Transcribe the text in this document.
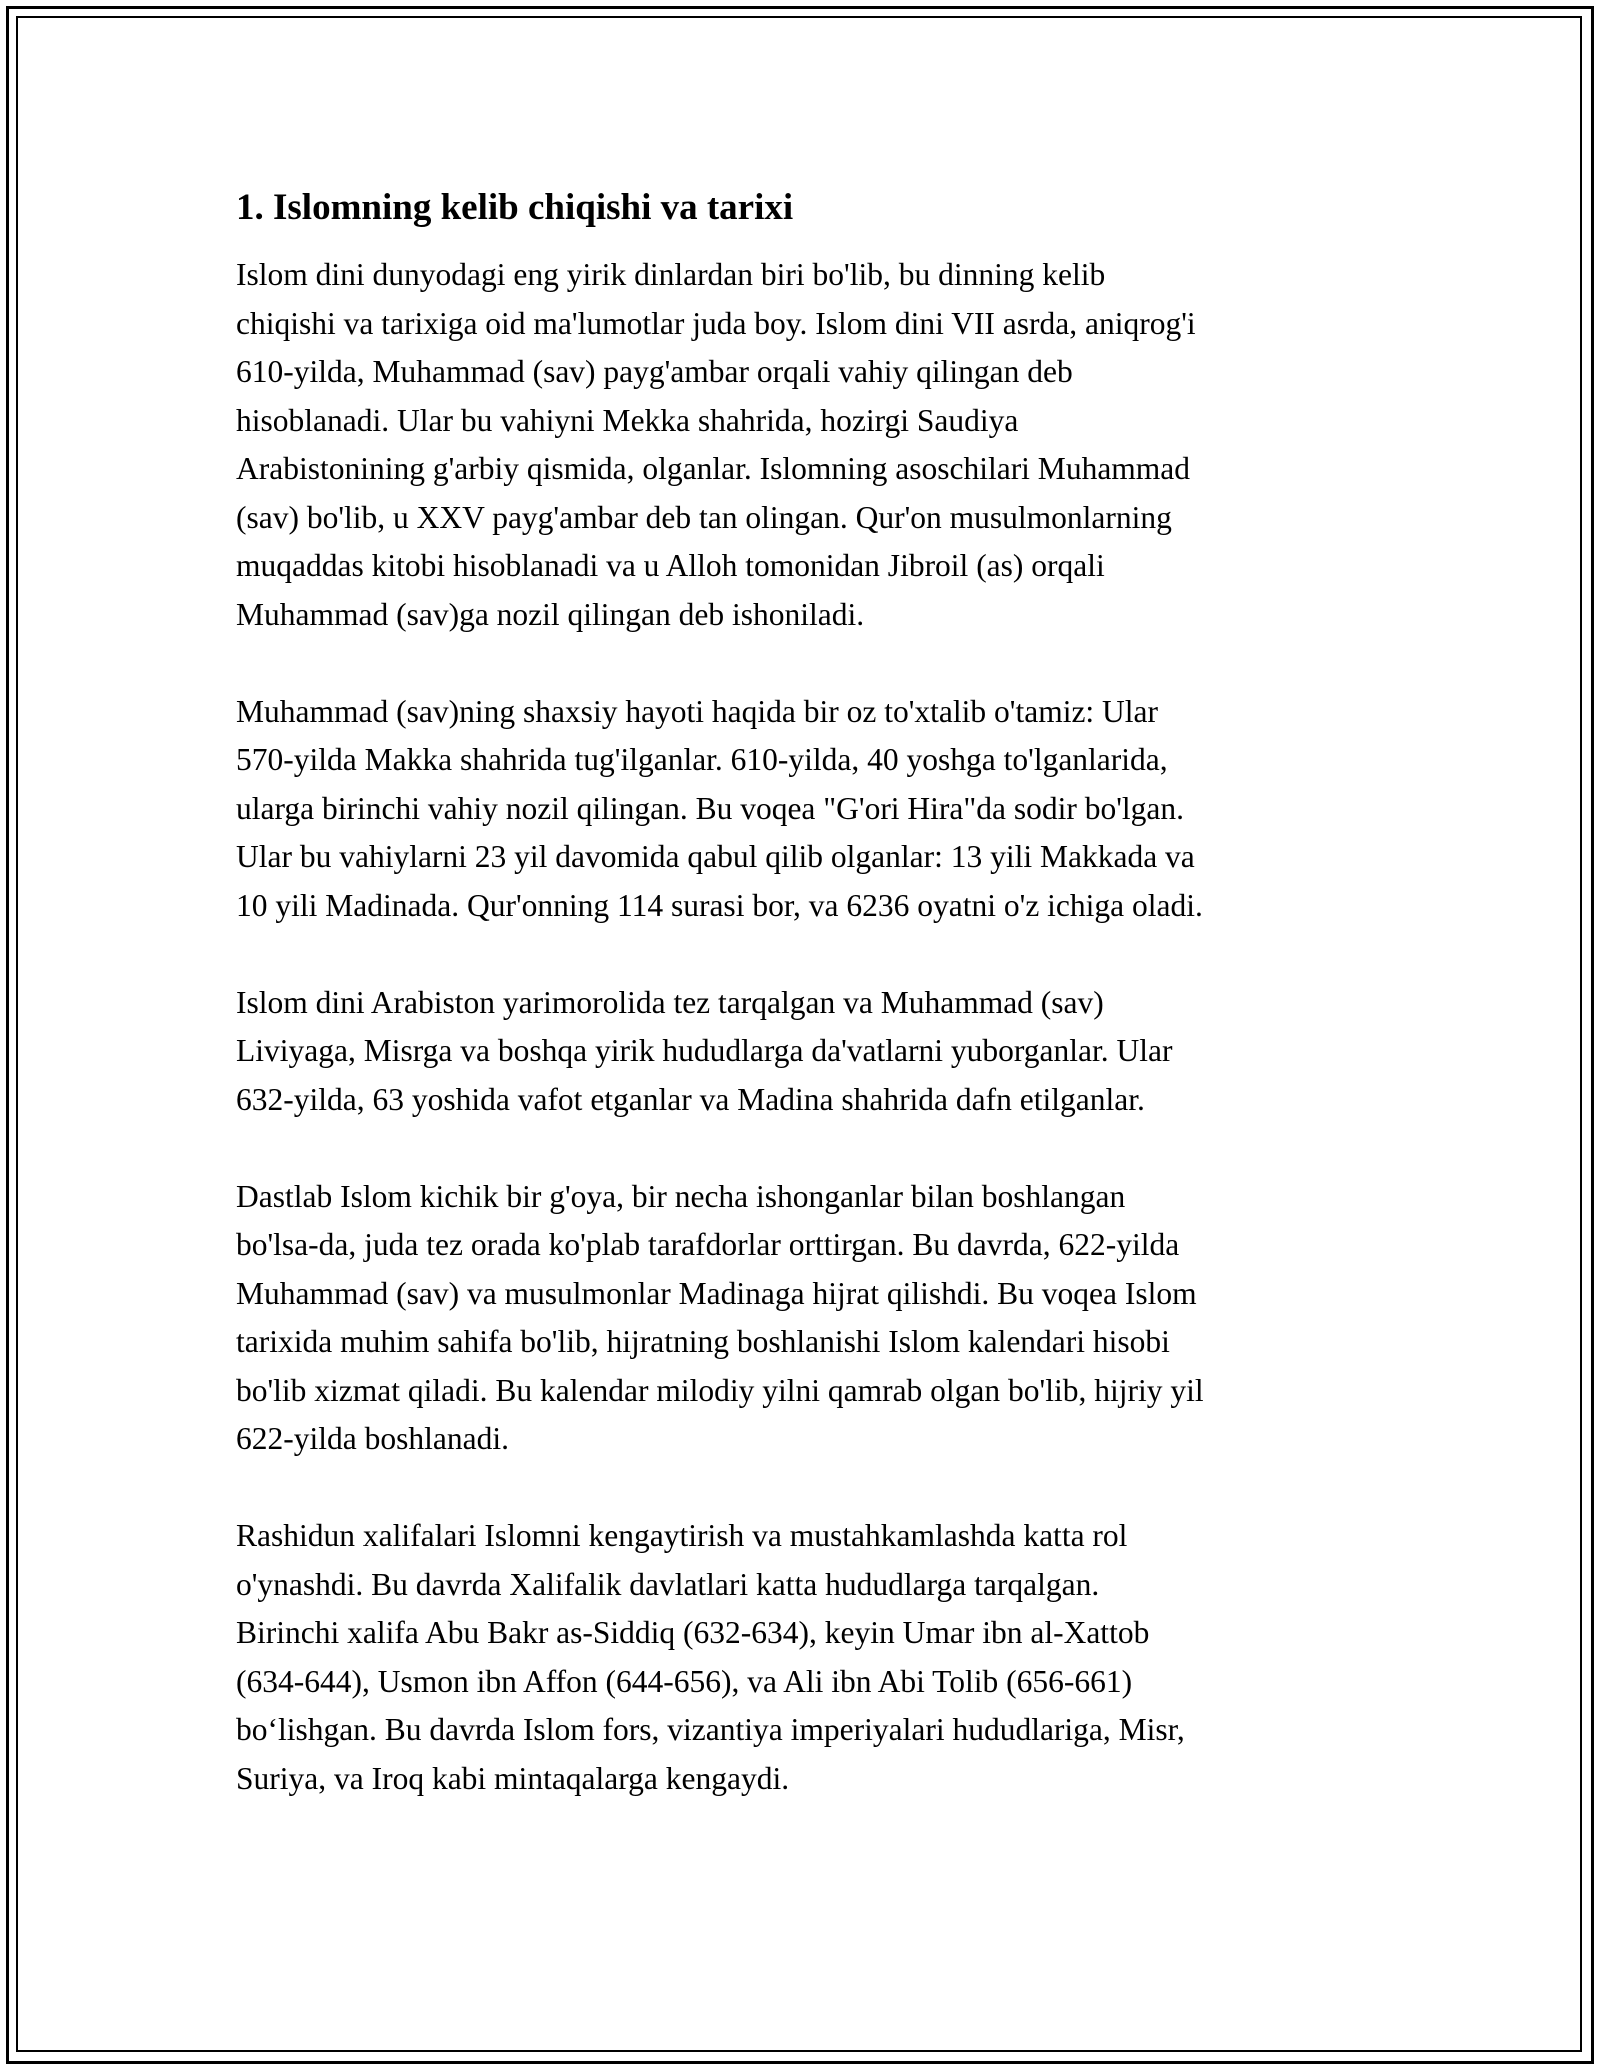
1. Islomning kelib chiqishi va tarixi

Islom dini dunyodagi eng yirik dinlardan biri bo'lib, bu dinning kelib
chiqishi va tarixiga oid ma'lumotlar juda boy. Islom dini VII asrda, aniqrog'i
610-yilda, Muhammad (sav) payg'ambar orqali vahiy qilingan deb
hisoblanadi. Ular bu vahiyni Mekka shahrida, hozirgi Saudiya
Arabistonining g'arbiy qismida, olganlar. Islomning asoschilari Muhammad
(sav) bo'lib, u XXV payg'ambar deb tan olingan. Qur'on musulmonlarning
muqaddas kitobi hisoblanadi va u Alloh tomonidan Jibroil (as) orqali
Muhammad (sav)ga nozil qilingan deb ishoniladi.

Muhammad (sav)ning shaxsiy hayoti haqida bir oz to'xtalib o'tamiz: Ular
570-yilda Makka shahrida tug'ilganlar. 610-yilda, 40 yoshga to'lganlarida,
ularga birinchi vahiy nozil qilingan. Bu voqea "G'ori Hira"da sodir bo'lgan.
Ular bu vahiylarni 23 yil davomida qabul qilib olganlar: 13 yili Makkada va
10 yili Madinada. Qur'onning 114 surasi bor, va 6236 oyatni o'z ichiga oladi.

Islom dini Arabiston yarimorolida tez tarqalgan va Muhammad (sav)
Liviyaga, Misrga va boshqa yirik hududlarga da'vatlarni yuborganlar. Ular
632-yilda, 63 yoshida vafot etganlar va Madina shahrida dafn etilganlar.

Dastlab Islom kichik bir g'oya, bir necha ishonganlar bilan boshlangan
bo'lsa-da, juda tez orada ko'plab tarafdorlar orttirgan. Bu davrda, 622-yilda
Muhammad (sav) va musulmonlar Madinaga hijrat qilishdi. Bu voqea Islom
tarixida muhim sahifa bo'lib, hijratning boshlanishi Islom kalendari hisobi
bo'lib xizmat qiladi. Bu kalendar milodiy yilni qamrab olgan bo'lib, hijriy yil
622-yilda boshlanadi.

Rashidun xalifalari Islomni kengaytirish va mustahkamlashda katta rol
o'ynashdi. Bu davrda Xalifalik davlatlari katta hududlarga tarqalgan.
Birinchi xalifa Abu Bakr as-Siddiq (632-634), keyin Umar ibn al-Xattob
(634-644), Usmon ibn Affon (644-656), va Ali ibn Abi Tolib (656-661)
bo‘lishgan. Bu davrda Islom fors, vizantiya imperiyalari hududlariga, Misr,
Suriya, va Iroq kabi mintaqalarga kengaydi.
